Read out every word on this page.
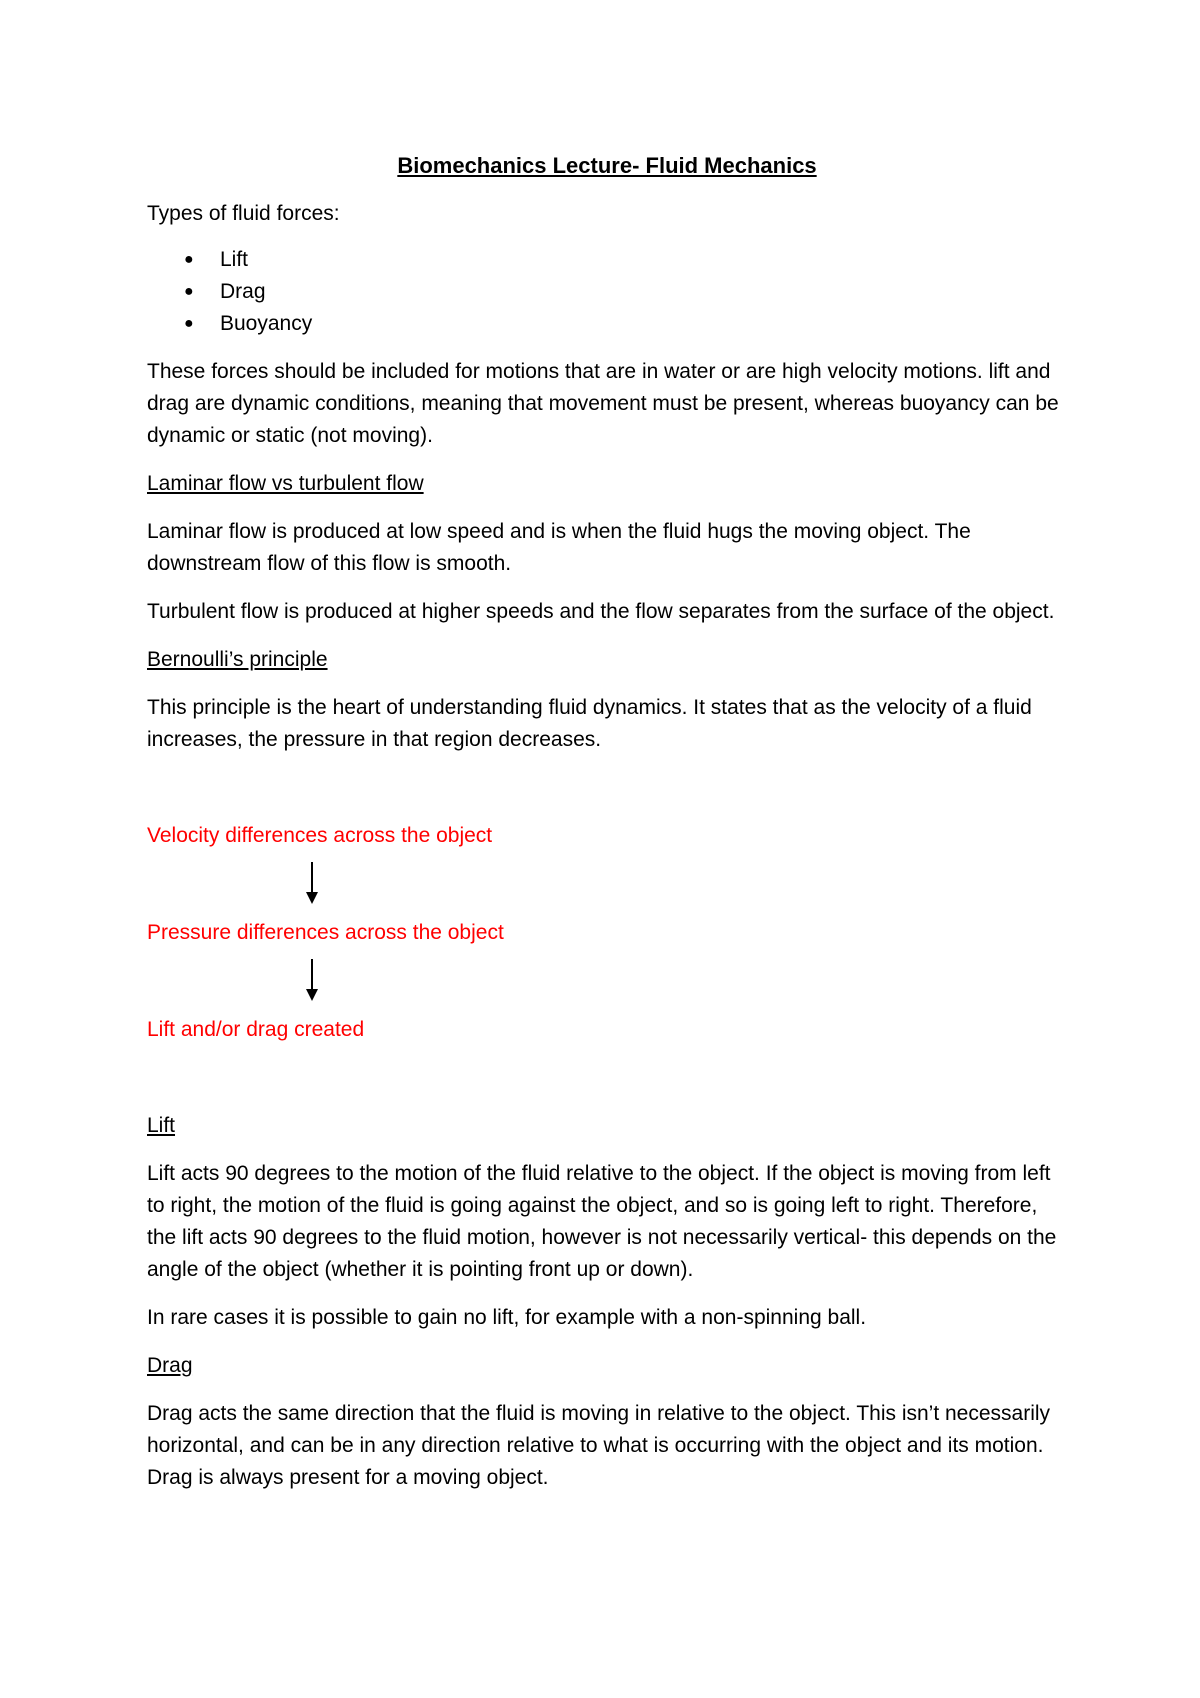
Biomechanics Lecture- Fluid Mechanics

Types of fluid forces:

● Lift
● Drag
● Buoyancy

These forces should be included for motions that are in water or are high velocity motions. lift and drag are dynamic conditions, meaning that movement must be present, whereas buoyancy can be dynamic or static (not moving).

Laminar flow vs turbulent flow

Laminar flow is produced at low speed and is when the fluid hugs the moving object. The downstream flow of this flow is smooth.

Turbulent flow is produced at higher speeds and the flow separates from the surface of the object.

Bernoulli’s principle

This principle is the heart of understanding fluid dynamics. It states that as the velocity of a fluid increases, the pressure in that region decreases.

Velocity differences across the object

Pressure differences across the object

Lift and/or drag created

Lift

Lift acts 90 degrees to the motion of the fluid relative to the object. If the object is moving from left to right, the motion of the fluid is going against the object, and so is going left to right. Therefore, the lift acts 90 degrees to the fluid motion, however is not necessarily vertical- this depends on the angle of the object (whether it is pointing front up or down).

In rare cases it is possible to gain no lift, for example with a non-spinning ball.

Drag

Drag acts the same direction that the fluid is moving in relative to the object. This isn’t necessarily horizontal, and can be in any direction relative to what is occurring with the object and its motion. Drag is always present for a moving object.
